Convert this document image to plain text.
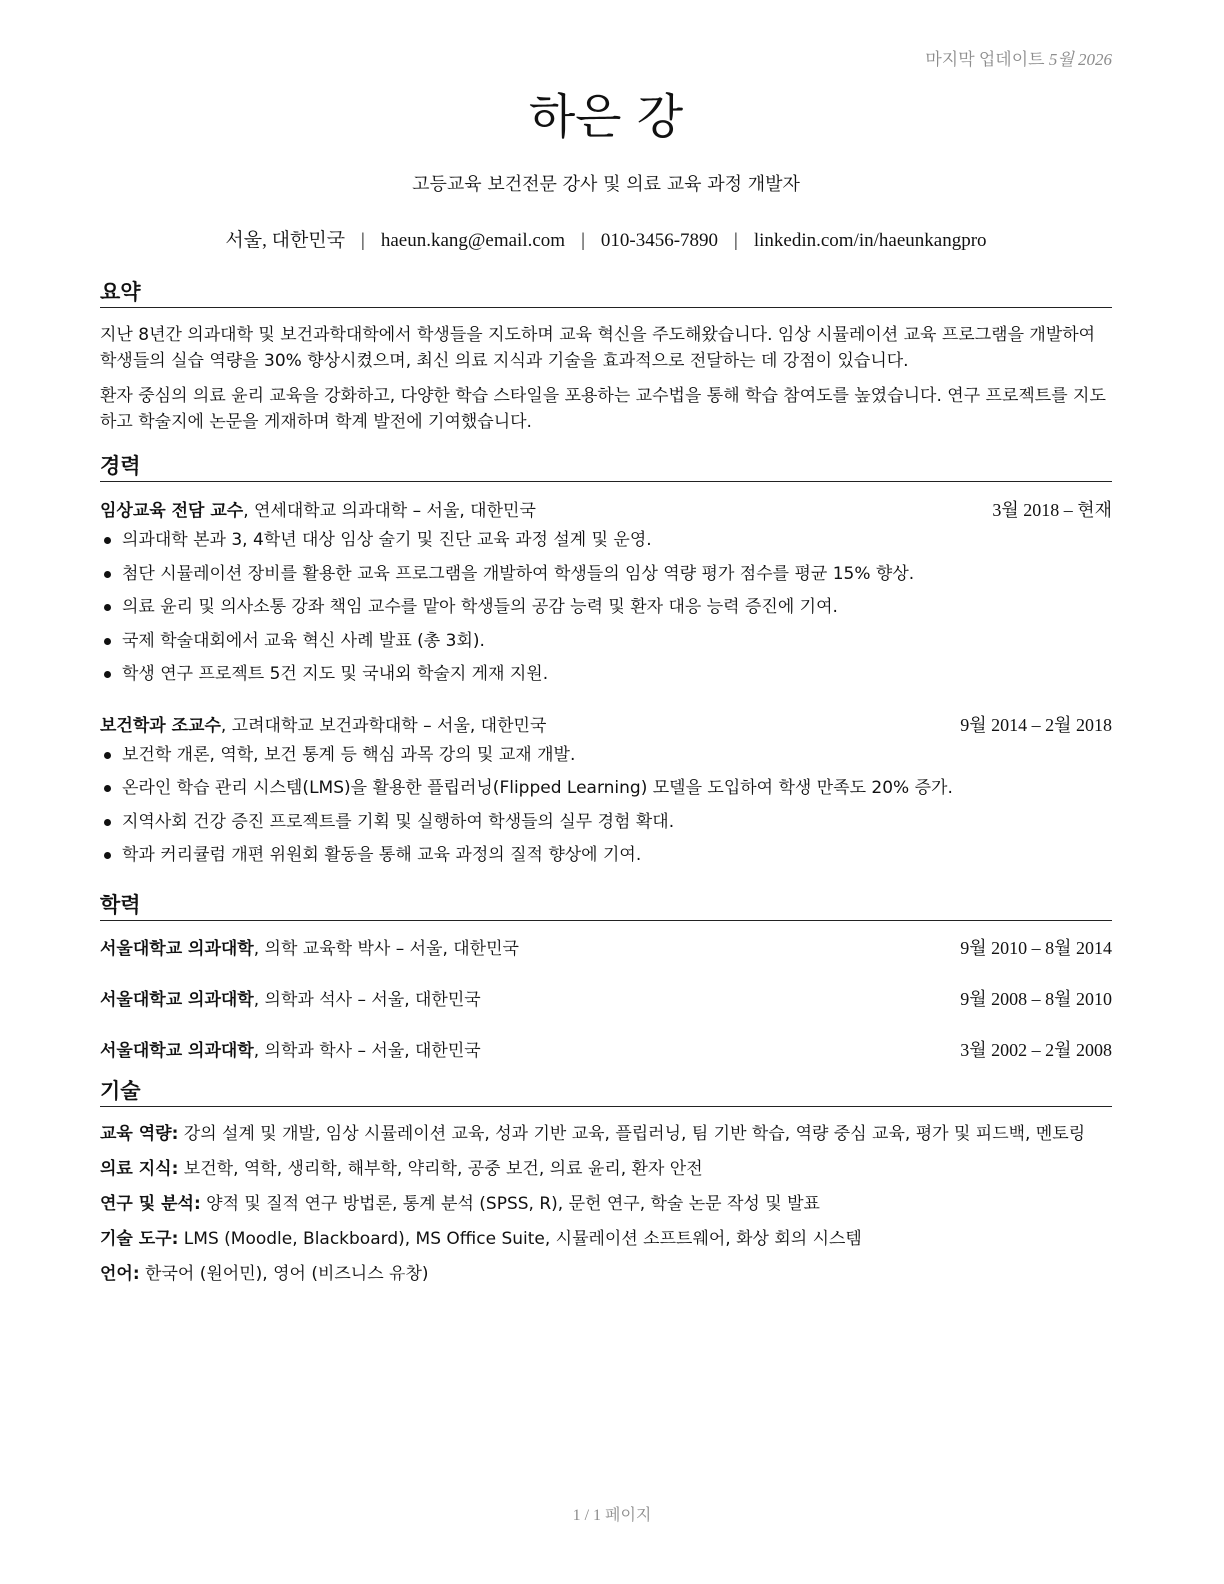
마지막 업데이트 5월 2026
하은 강
고등교육 보건전문 강사 및 의료 교육 과정 개발자
서울, 대한민국 | haeun.kang@email.com | 010-3456-7890 | linkedin.com/in/haeunkangpro
요약

지난 8년간 의과대학 및 보건과학대학에서 학생들을 지도하며 교육 혁신을 주도해왔습니다. 임상 시뮬레이션 교육 프로그램을 개발하여 학생들의 실습 역량을 30% 향상시켰으며, 최신 의료 지식과 기술을 효과적으로 전달하는 데 강점이 있습니다.

환자 중심의 의료 윤리 교육을 강화하고, 다양한 학습 스타일을 포용하는 교수법을 통해 학습 참여도를 높였습니다. 연구 프로젝트를 지도하고 학술지에 논문을 게재하며 학계 발전에 기여했습니다.

경력
임상교육 전담 교수, 연세대학교 의과대학 – 서울, 대한민국	3월 2018 – 현재
의과대학 본과 3, 4학년 대상 임상 술기 및 진단 교육 과정 설계 및 운영.
첨단 시뮬레이션 장비를 활용한 교육 프로그램을 개발하여 학생들의 임상 역량 평가 점수를 평균 15% 향상.
의료 윤리 및 의사소통 강좌 책임 교수를 맡아 학생들의 공감 능력 및 환자 대응 능력 증진에 기여.
국제 학술대회에서 교육 혁신 사례 발표 (총 3회).
학생 연구 프로젝트 5건 지도 및 국내외 학술지 게재 지원.
보건학과 조교수, 고려대학교 보건과학대학 – 서울, 대한민국	9월 2014 – 2월 2018
보건학 개론, 역학, 보건 통계 등 핵심 과목 강의 및 교재 개발.
온라인 학습 관리 시스템(LMS)을 활용한 플립러닝(Flipped Learning) 모델을 도입하여 학생 만족도 20% 증가.
지역사회 건강 증진 프로젝트를 기획 및 실행하여 학생들의 실무 경험 확대.
학과 커리큘럼 개편 위원회 활동을 통해 교육 과정의 질적 향상에 기여.
학력
서울대학교 의과대학, 의학 교육학 박사 – 서울, 대한민국	9월 2010 – 8월 2014
서울대학교 의과대학, 의학과 석사 – 서울, 대한민국	9월 2008 – 8월 2010
서울대학교 의과대학, 의학과 학사 – 서울, 대한민국	3월 2002 – 2월 2008
기술

교육 역량: 강의 설계 및 개발, 임상 시뮬레이션 교육, 성과 기반 교육, 플립러닝, 팀 기반 학습, 역량 중심 교육, 평가 및 피드백, 멘토링

의료 지식: 보건학, 역학, 생리학, 해부학, 약리학, 공중 보건, 의료 윤리, 환자 안전

연구 및 분석: 양적 및 질적 연구 방법론, 통계 분석 (SPSS, R), 문헌 연구, 학술 논문 작성 및 발표

기술 도구: LMS (Moodle, Blackboard), MS Office Suite, 시뮬레이션 소프트웨어, 화상 회의 시스템

언어: 한국어 (원어민), 영어 (비즈니스 유창)

1 / 1 페이지
